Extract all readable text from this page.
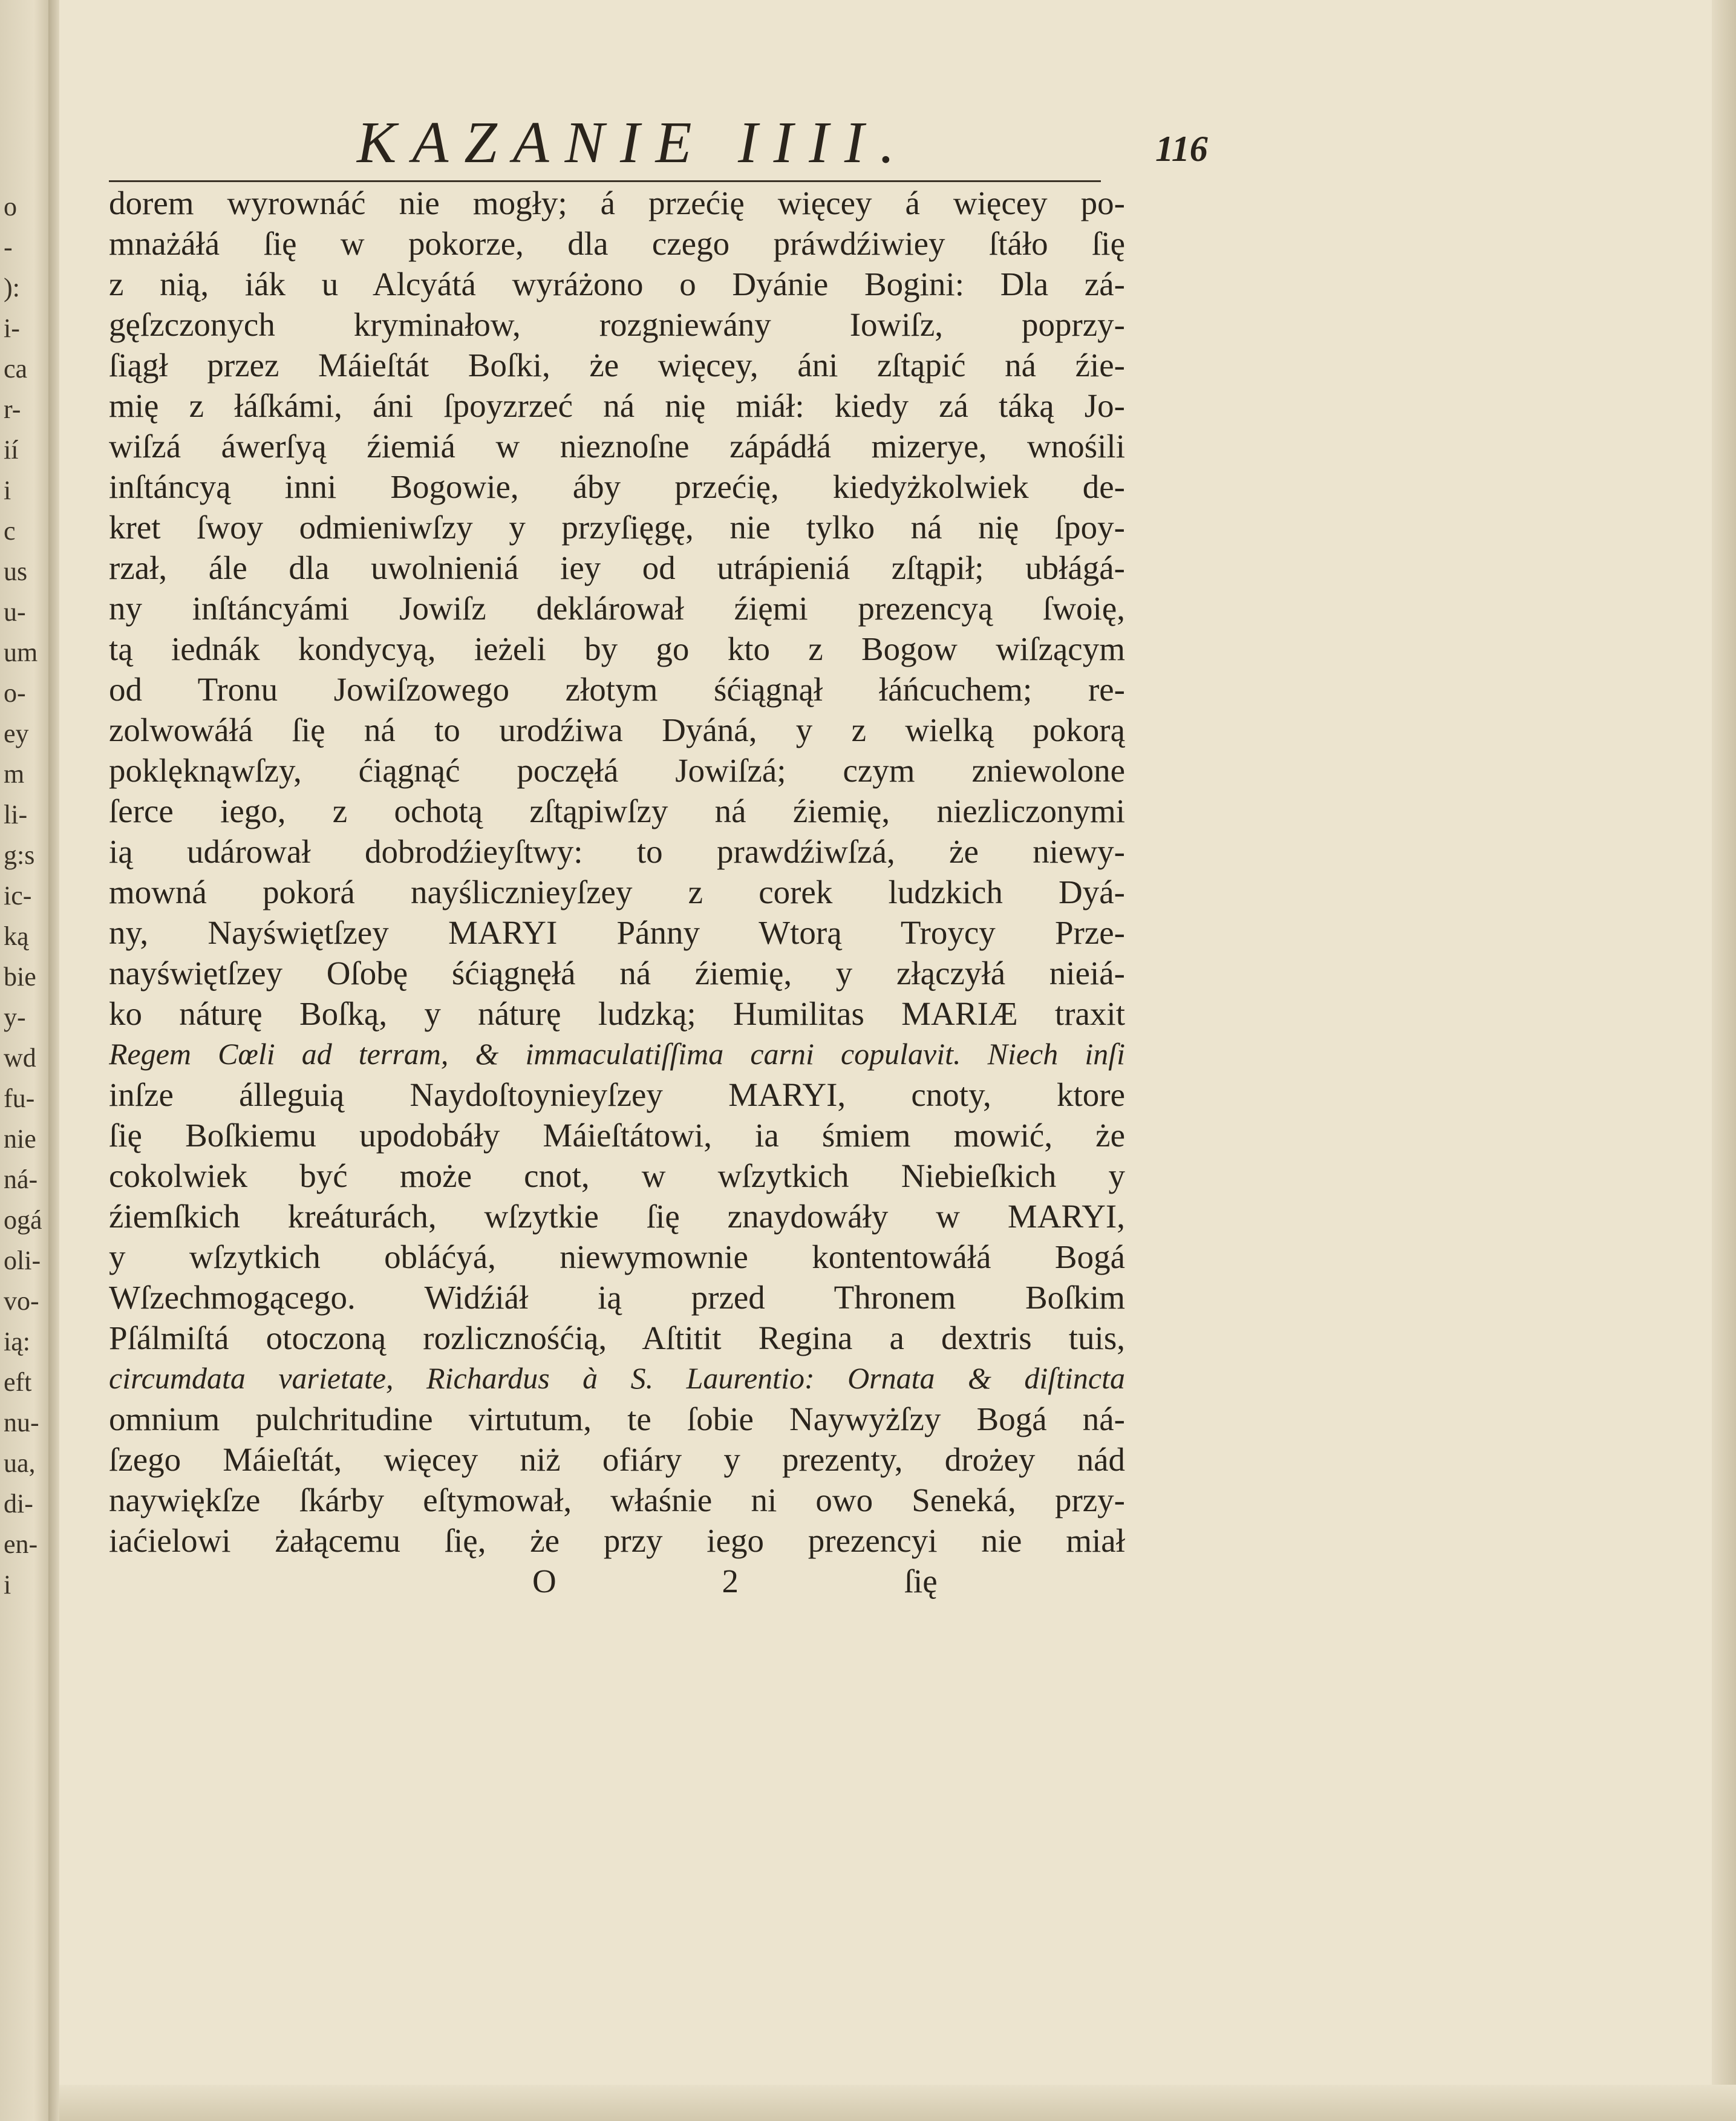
o
-
):
i-
ca
r-
ií
i
c
us
u-
um
o-
ey
m
li-
g:s
ic-
ką
bie
y-
wd
fu-
nie
ná-
ogá
oli-
vo-
ią:
eft
nu-
ua,
di-
en-
i
KAZANIE IIII.	116
dorem wyrownáć nie mogły; á przećię więcey á więcey po-
mnażáłá ſię w pokorze, dla czego práwdźiwiey ſtáło ſię
z nią, iák u Alcyátá wyráżono o Dyánie Bogini: Dla zá-
gęſzczonych kryminałow, rozgniewány Iowiſz, poprzy-
ſiągł przez Máieſtát Boſki, że więcey, áni zſtąpić ná źie-
mię z łáſkámi, áni ſpoyzrzeć ná nię miáł: kiedy zá táką Jo-
wiſzá áwerſyą źiemiá w nieznoſne zápádłá mizerye, wnośili
inſtáncyą inni Bogowie, áby przećię, kiedyżkolwiek de-
kret ſwoy odmieniwſzy y przyſięgę, nie tylko ná nię ſpoy-
rzał, ále dla uwolnieniá iey od utrápieniá zſtąpił; ubłágá-
ny inſtáncyámi Jowiſz deklárował źięmi prezencyą ſwoię,
tą iednák kondycyą, ieżeli by go kto z Bogow wiſzącym
od Tronu Jowiſzowego złotym śćiągnął łáńcuchem; re-
zolwowáłá ſię ná to urodźiwa Dyáná, y z wielką pokorą
poklęknąwſzy, ćiągnąć poczęłá Jowiſzá; czym zniewolone
ſerce iego, z ochotą zſtąpiwſzy ná źiemię, niezliczonymi
ią udárował dobrodźieyſtwy: to prawdźiwſzá, że niewy-
mowná pokorá nayślicznieyſzey z corek ludzkich Dyá-
ny, Nayświętſzey MARYI Pánny Wtorą Troycy Prze-
nayświętſzey Oſobę śćiągnęłá ná źiemię, y złączyłá nieiá-
ko náturę Boſką, y náturę ludzką; Humilitas MARIÆ traxit
Regem Cœli ad terram, & immaculatiſſima carni copulavit. Niech inſi
inſze álleguią Naydoſtoynieyſzey MARYI, cnoty, ktore
ſię Boſkiemu upodobáły Máieſtátowi, ia śmiem mowić, że
cokolwiek być może cnot, w wſzytkich Niebieſkich y
źiemſkich kreáturách, wſzytkie ſię znaydowáły w MARYI,
y wſzytkich obláćyá, niewymownie kontentowáłá Bogá
Wſzechmogącego. Widźiáł ią przed Thronem Boſkim
Pſálmiſtá otoczoną rozlicznośćią, Aſtitit Regina a dextris tuis,
circumdata varietate, Richardus à S. Laurentio: Ornata & diſtincta
omnium pulchritudine virtutum, te ſobie Naywyżſzy Bogá ná-
ſzego Máieſtát, więcey niż ofiáry y prezenty, drożey nád
naywiękſze ſkárby eſtymował, właśnie ni owo Seneká, przy-
iaćielowi żałącemu ſię, że przy iego prezencyi nie miał
O 2	ſię
